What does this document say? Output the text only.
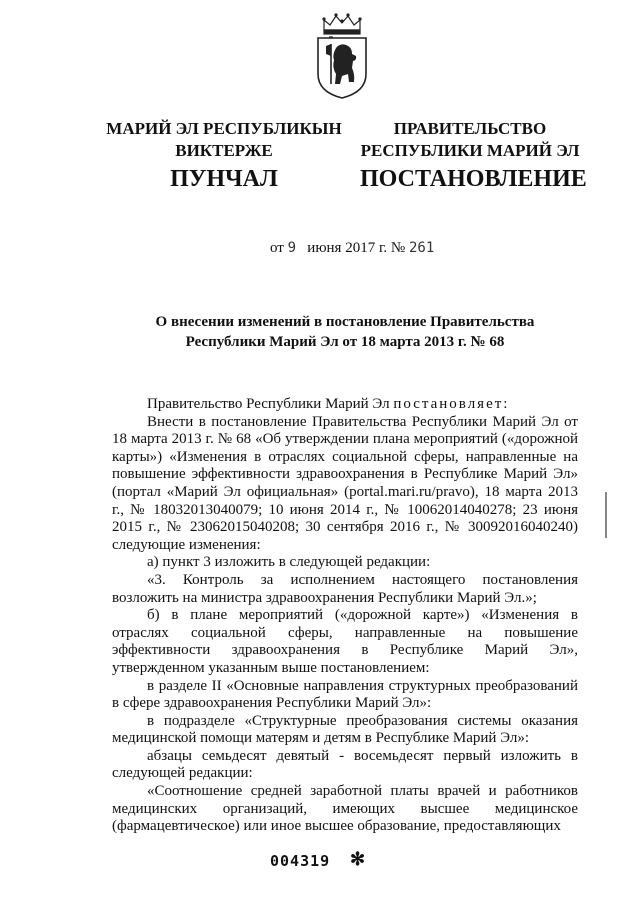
МАРИЙ ЭЛ РЕСПУБЛИКЫН
ВИКТЕРЖЕ
ПУНЧАЛ
ПРАВИТЕЛЬСТВО
РЕСПУБЛИКИ МАРИЙ ЭЛ
ПОСТАНОВЛЕНИЕ
от 9 июня 2017 г. № 261
О внесении изменений в постановление Правительства
Республики Марий Эл от 18 марта 2013 г. № 68

Правительство Республики Марий Эл постановляет:

Внести в постановление Правительства Республики Марий Эл от 18 марта 2013 г. № 68 «Об утверждении плана мероприятий («дорожной карты») «Изменения в отраслях социальной сферы, направленные на повышение эффективности здравоохранения в Республике Марий Эл» (портал «Марий Эл официальная» (portal.mari.ru/pravo), 18 марта 2013 г., № 18032013040079; 10 июня 2014 г., № 10062014040278; 23 июня 2015 г., № 23062015040208; 30 сентября 2016 г., № 30092016040240) следующие изменения:

а) пункт 3 изложить в следующей редакции:

«3. Контроль за исполнением настоящего постановления возложить на министра здравоохранения Республики Марий Эл.»;

б) в плане мероприятий («дорожной карте») «Изменения в отраслях социальной сферы, направленные на повышение эффективности здравоохранения в Республике Марий Эл», утвержденном указанным выше постановлением:

в разделе II «Основные направления структурных преобразований в сфере здравоохранения Республики Марий Эл»:

в подразделе «Структурные преобразования системы оказания медицинской помощи матерям и детям в Республике Марий Эл»:

абзацы семьдесят девятый - восемьдесят первый изложить в следующей редакции:

«Соотношение средней заработной платы врачей и работников медицинских организаций, имеющих высшее медицинское (фармацевтическое) или иное высшее образование, предоставляющих

004319 ✻
